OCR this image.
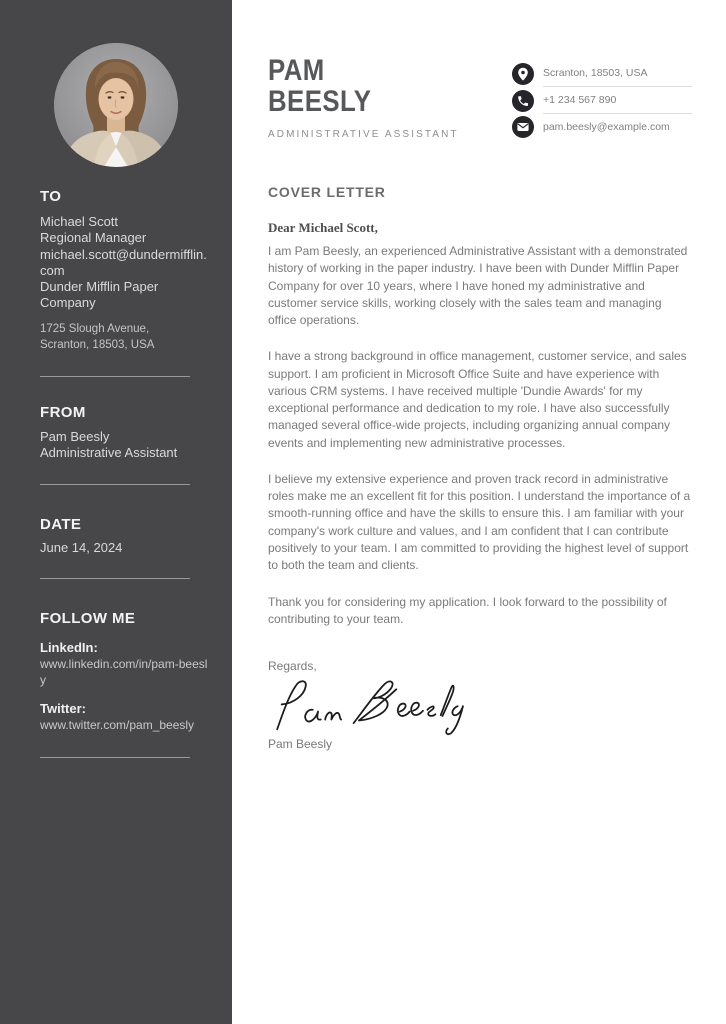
TO
Michael Scott
Regional Manager
michael.scott@dundermifflin.com
Dunder Mifflin Paper Company
1725 Slough Avenue,
Scranton, 18503, USA
FROM
Pam Beesly
Administrative Assistant
DATE
June 14, 2024
FOLLOW ME
LinkedIn:
www.linkedin.com/in/pam-beesly
Twitter:
www.twitter.com/pam_beesly
PAM
BEESLY
ADMINISTRATIVE ASSISTANT
Scranton, 18503, USA
+1 234 567 890
pam.beesly@example.com
COVER LETTER
Dear Michael Scott,

I am Pam Beesly, an experienced Administrative Assistant with a demonstrated history of working in the paper industry. I have been with Dunder Mifflin Paper Company for over 10 years, where I have honed my administrative and customer service skills, working closely with the sales team and managing office operations.

I have a strong background in office management, customer service, and sales support. I am proficient in Microsoft Office Suite and have experience with various CRM systems. I have received multiple 'Dundie Awards' for my exceptional performance and dedication to my role. I have also successfully managed several office-wide projects, including organizing annual company events and implementing new administrative processes.

I believe my extensive experience and proven track record in administrative roles make me an excellent fit for this position. I understand the importance of a smooth-running office and have the skills to ensure this. I am familiar with your company's work culture and values, and I am confident that I can contribute positively to your team. I am committed to providing the highest level of support to both the team and clients.

Thank you for considering my application. I look forward to the possibility of contributing to your team.

Regards,
Pam Beesly
